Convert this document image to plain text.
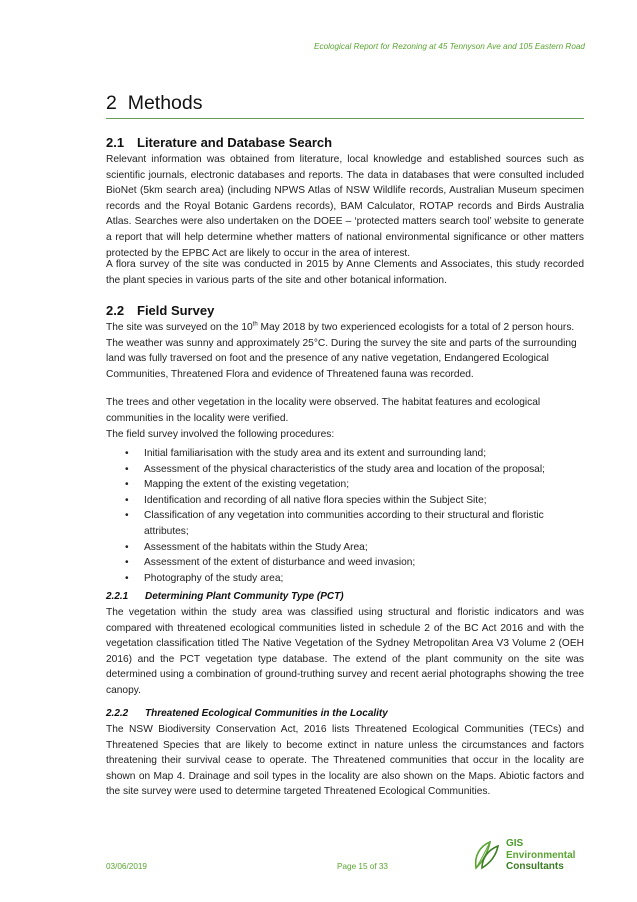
Ecological Report for Rezoning at 45 Tennyson Ave and 105 Eastern Road
2 Methods
2.1 Literature and Database Search

Relevant information was obtained from literature, local knowledge and established sources such as scientific journals, electronic databases and reports. The data in databases that were consulted included BioNet (5km search area) (including NPWS Atlas of NSW Wildlife records, Australian Museum specimen records and the Royal Botanic Gardens records), BAM Calculator, ROTAP records and Birds Australia Atlas. Searches were also undertaken on the DOEE – ‘protected matters search tool’ website to generate a report that will help determine whether matters of national environmental significance or other matters protected by the EPBC Act are likely to occur in the area of interest.

A flora survey of the site was conducted in 2015 by Anne Clements and Associates, this study recorded the plant species in various parts of the site and other botanical information.

2.2 Field Survey

The site was surveyed on the 10th May 2018 by two experienced ecologists for a total of 2 person hours. The weather was sunny and approximately 25°C. During the survey the site and parts of the surrounding land was fully traversed on foot and the presence of any native vegetation, Endangered Ecological Communities, Threatened Flora and evidence of Threatened fauna was recorded.

The trees and other vegetation in the locality were observed. The habitat features and ecological communities in the locality were verified.

The field survey involved the following procedures:

• Initial familiarisation with the study area and its extent and surrounding land;
• Assessment of the physical characteristics of the study area and location of the proposal;
• Mapping the extent of the existing vegetation;
• Identification and recording of all native flora species within the Subject Site;
• Classification of any vegetation into communities according to their structural and floristic attributes;
• Assessment of the habitats within the Study Area;
• Assessment of the extent of disturbance and weed invasion;
• Photography of the study area;
2.2.1 Determining Plant Community Type (PCT)

The vegetation within the study area was classified using structural and floristic indicators and was compared with threatened ecological communities listed in schedule 2 of the BC Act 2016 and with the vegetation classification titled The Native Vegetation of the Sydney Metropolitan Area V3 Volume 2 (OEH 2016) and the PCT vegetation type database. The extend of the plant community on the site was determined using a combination of ground-truthing survey and recent aerial photographs showing the tree canopy.

2.2.2 Threatened Ecological Communities in the Locality

The NSW Biodiversity Conservation Act, 2016 lists Threatened Ecological Communities (TECs) and Threatened Species that are likely to become extinct in nature unless the circumstances and factors threatening their survival cease to operate. The Threatened communities that occur in the locality are shown on Map 4. Drainage and soil types in the locality are also shown on the Maps. Abiotic factors and the site survey were used to determine targeted Threatened Ecological Communities.

03/06/2019	Page 15 of 33
GIS
Environmental
Consultants
